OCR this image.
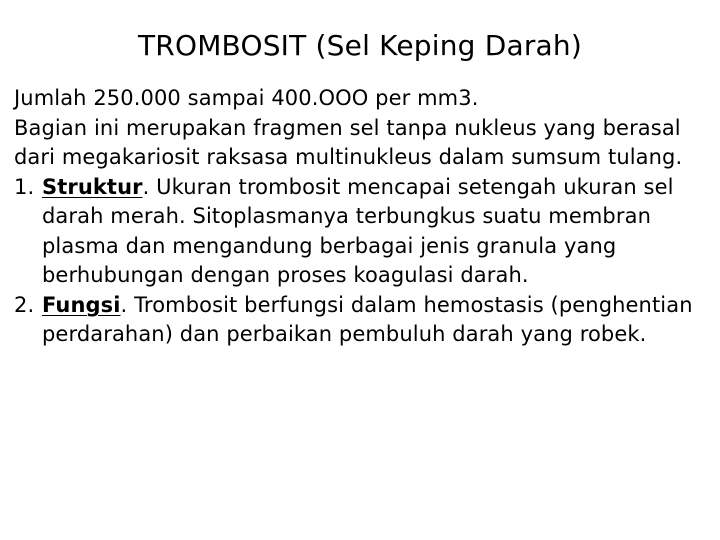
TROMBOSIT (Sel Keping Darah)

Jumlah 250.000 sampai 400.OOO per mm3.

Bagian ini merupakan fragmen sel tanpa nukleus yang berasal dari megakariosit raksasa multinukleus dalam sumsum tulang.

1. Struktur. Ukuran trombosit mencapai setengah ukuran sel darah merah. Sitoplasmanya terbungkus suatu membran plasma dan mengandung berbagai jenis granula yang berhubungan dengan proses koagulasi darah.

2. Fungsi. Trombosit berfungsi dalam hemostasis (penghentian perdarahan) dan perbaikan pembuluh darah yang robek.
